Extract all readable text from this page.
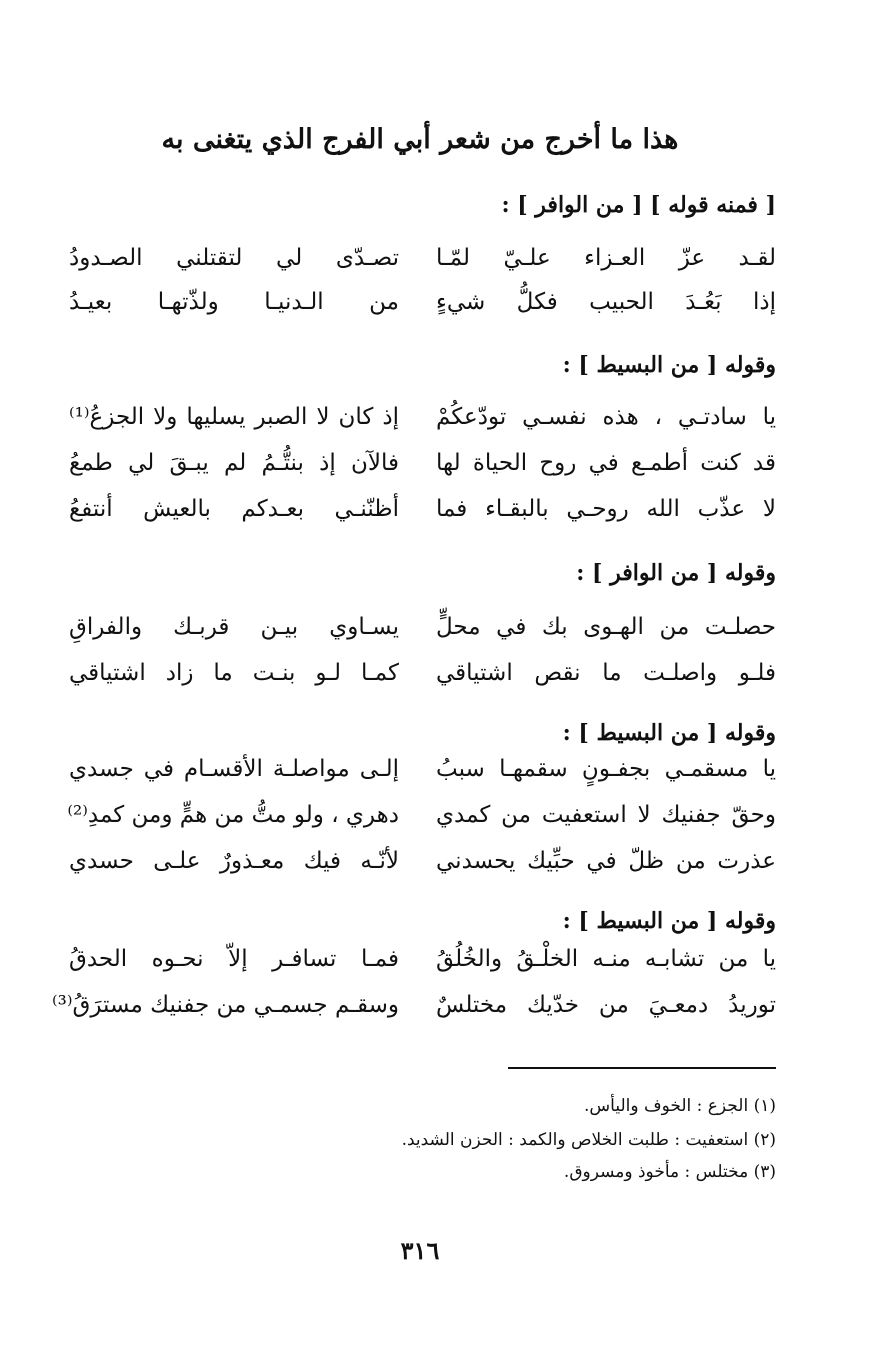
هذا ما أخرج من شعر أبي الفرج الذي يتغنى به
[ فمنه قوله ] [ من الوافر ] :
لقـد عزّ العـزاء علـيّ لمّـا
تصـدّى لي لتقتلني الصـدودُ
إذا بَعُـدَ الحبيب فكلُّ شيءٍ
من الـدنيـا ولذّتهـا بعيـدُ
وقوله [ من البسيط ] :
يا سادتـي ، هذه نفسـي تودّعكُمْ
إذ كان لا الصبر يسليها ولا الجزعُ⁽¹⁾
قد كنت أطمـع في روح الحياة لها
فالآن إذ بنتُّـمُ لم يبـقَ لي طمعُ
لا عذّب الله روحـي بالبقـاء فما
أظنّنـي بعـدكم بالعيش أنتفعُ
وقوله [ من الوافر ] :
حصلـت من الهـوى بك في محلٍّ
يسـاوي بيـن قربـك والفراقِ
فلـو واصلـت ما نقص اشتياقي
كمـا لـو بنـت ما زاد اشتياقي
وقوله [ من البسيط ] :
يا مسقمـي بجفـونٍ سقمهـا سببُ
إلـى مواصلـة الأقسـام في جسدي
وحقّ جفنيك لا استعفيت من كمدي
دهري ، ولو متُّ من همٍّ ومن كمدِ⁽²⁾
عذرت من ظلّ في حبِّيك يحسدني
لأنّـه فيك معـذورٌ علـى حسدي
وقوله [ من البسيط ] :
يا من تشابـه منـه الخلْـقُ والخُلُقُ
فمـا تسافـر إلاّ نحـوه الحدقُ
توريدُ دمعـيَ من خدّيك مختلسٌ
وسقـم جسمـي من جفنيك مسترَقُ⁽³⁾
(١) الجزع : الخوف واليأس.
(٢) استعفيت : طلبت الخلاص والكمد : الحزن الشديد.
(٣) مختلس : مأخوذ ومسروق.
٣١٦
